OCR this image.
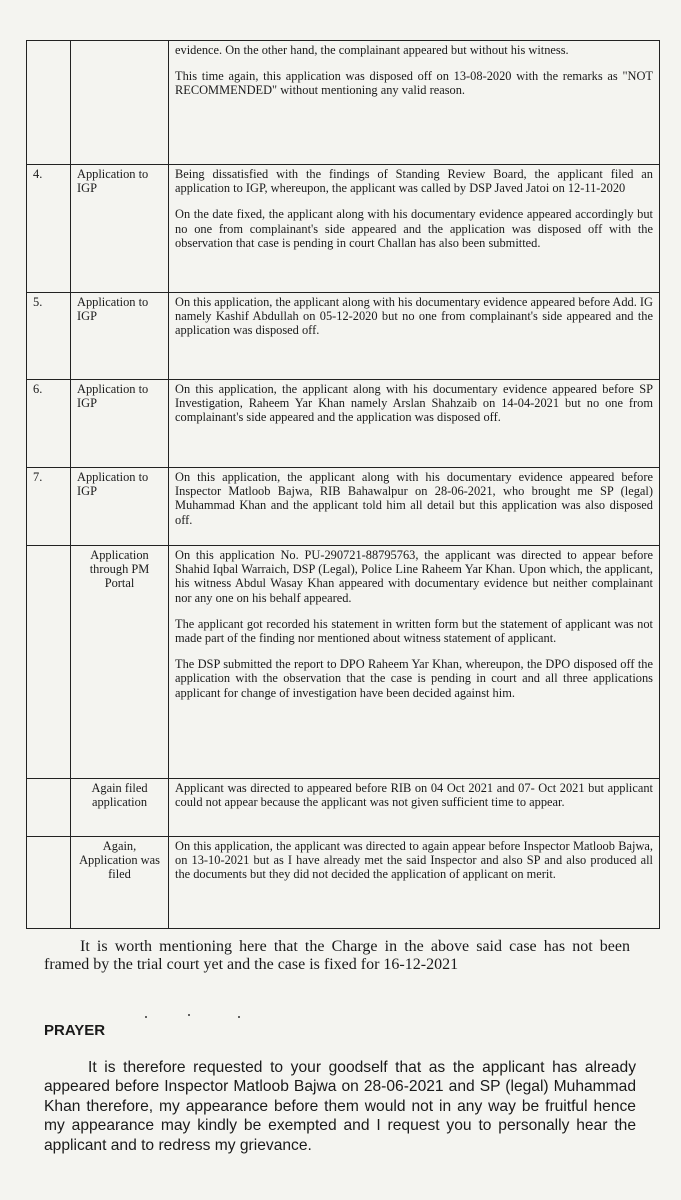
		evidence. On the other hand, the complainant appeared but without his witness.

This time again, this application was disposed off on 13-08-2020 with the remarks as "NOT RECOMMENDED" without mentioning any valid reason.

4.	Application to IGP	Being dissatisfied with the findings of Standing Review Board, the applicant filed an application to IGP, whereupon, the applicant was called by DSP Javed Jatoi on 12-11-2020

On the date fixed, the applicant along with his documentary evidence appeared accordingly but no one from complainant's side appeared and the application was disposed off with the observation that case is pending in court Challan has also been submitted.

5.	Application to IGP	On this application, the applicant along with his documentary evidence appeared before Add. IG namely Kashif Abdullah on 05-12-2020 but no one from complainant's side appeared and the application was disposed off.

6.	Application to IGP	On this application, the applicant along with his documentary evidence appeared before SP Investigation, Raheem Yar Khan namely Arslan Shahzaib on 14-04-2021 but no one from complainant's side appeared and the application was disposed off.

7.	Application to IGP	On this application, the applicant along with his documentary evidence appeared before Inspector Matloob Bajwa, RIB Bahawalpur on 28-06-2021, who brought me SP (legal) Muhammad Khan and the applicant told him all detail but this application was also disposed off.

	Application through PM Portal	On this application No. PU-290721-88795763, the applicant was directed to appear before Shahid Iqbal Warraich, DSP (Legal), Police Line Raheem Yar Khan. Upon which, the applicant, his witness Abdul Wasay Khan appeared with documentary evidence but neither complainant nor any one on his behalf appeared.

The applicant got recorded his statement in written form but the statement of applicant was not made part of the finding nor mentioned about witness statement of applicant.

The DSP submitted the report to DPO Raheem Yar Khan, whereupon, the DPO disposed off the application with the observation that the case is pending in court and all three applications applicant for change of investigation have been decided against him.

	Again filed application	Applicant was directed to appeared before RIB on 04 Oct 2021 and 07- Oct 2021 but applicant could not appear because the applicant was not given sufficient time to appear.

	Again, Application was filed	On this application, the applicant was directed to again appear before Inspector Matloob Bajwa, on 13-10-2021 but as I have already met the said Inspector and also SP and also produced all the documents but they did not decided the application of applicant on merit.

It is worth mentioning here that the Charge in the above said case has not been framed by the trial court yet and the case is fixed for 16-12-2021

PRAYER

It is therefore requested to your goodself that as the applicant has already appeared before Inspector Matloob Bajwa on 28-06-2021 and SP (legal) Muhammad Khan therefore, my appearance before them would not in any way be fruitful hence my appearance may kindly be exempted and I request you to personally hear the applicant and to redress my grievance.
